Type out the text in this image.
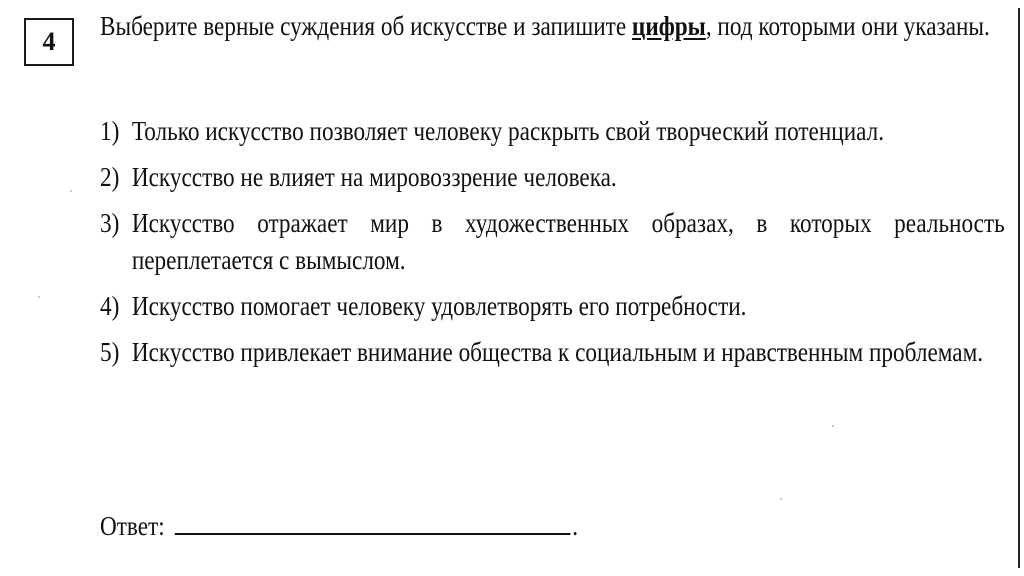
4
Выберите верные суждения об искусстве и запишите цифры, под которыми они указаны.
1) Только искусство позволяет человеку раскрыть свой творческий потенциал.
2) Искусство не влияет на мировоззрение человека.
3) Искусство отражает мир в художественных образах, в которых реальность переплетается с вымыслом.
4) Искусство помогает человеку удовлетворять его потребности.
5) Искусство привлекает внимание общества к социальным и нравственным проблемам.
Ответ:	.
